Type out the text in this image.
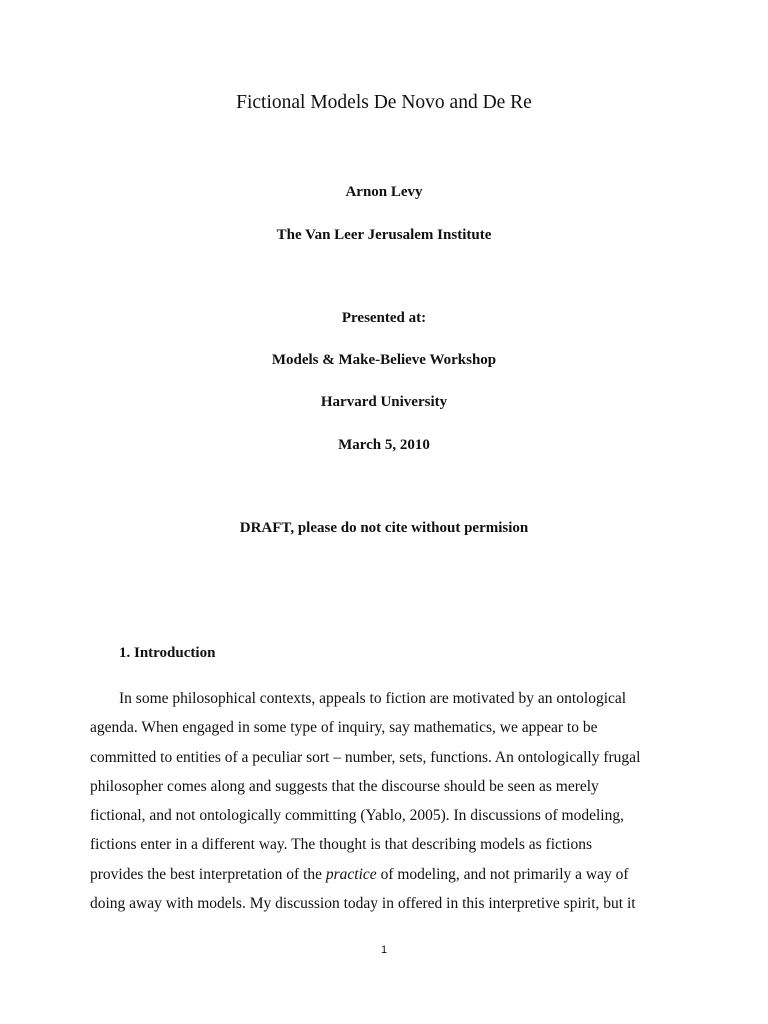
Fictional Models De Novo and De Re
Arnon Levy
The Van Leer Jerusalem Institute
Presented at:
Models & Make-Believe Workshop
Harvard University
March 5, 2010
DRAFT, please do not cite without permision
1. Introduction
In some philosophical contexts, appeals to fiction are motivated by an ontological
agenda. When engaged in some type of inquiry, say mathematics, we appear to be
committed to entities of a peculiar sort – number, sets, functions. An ontologically frugal
philosopher comes along and suggests that the discourse should be seen as merely
fictional, and not ontologically committing (Yablo, 2005). In discussions of modeling,
fictions enter in a different way. The thought is that describing models as fictions
provides the best interpretation of the practice of modeling, and not primarily a way of
doing away with models. My discussion today in offered in this interpretive spirit, but it
1
